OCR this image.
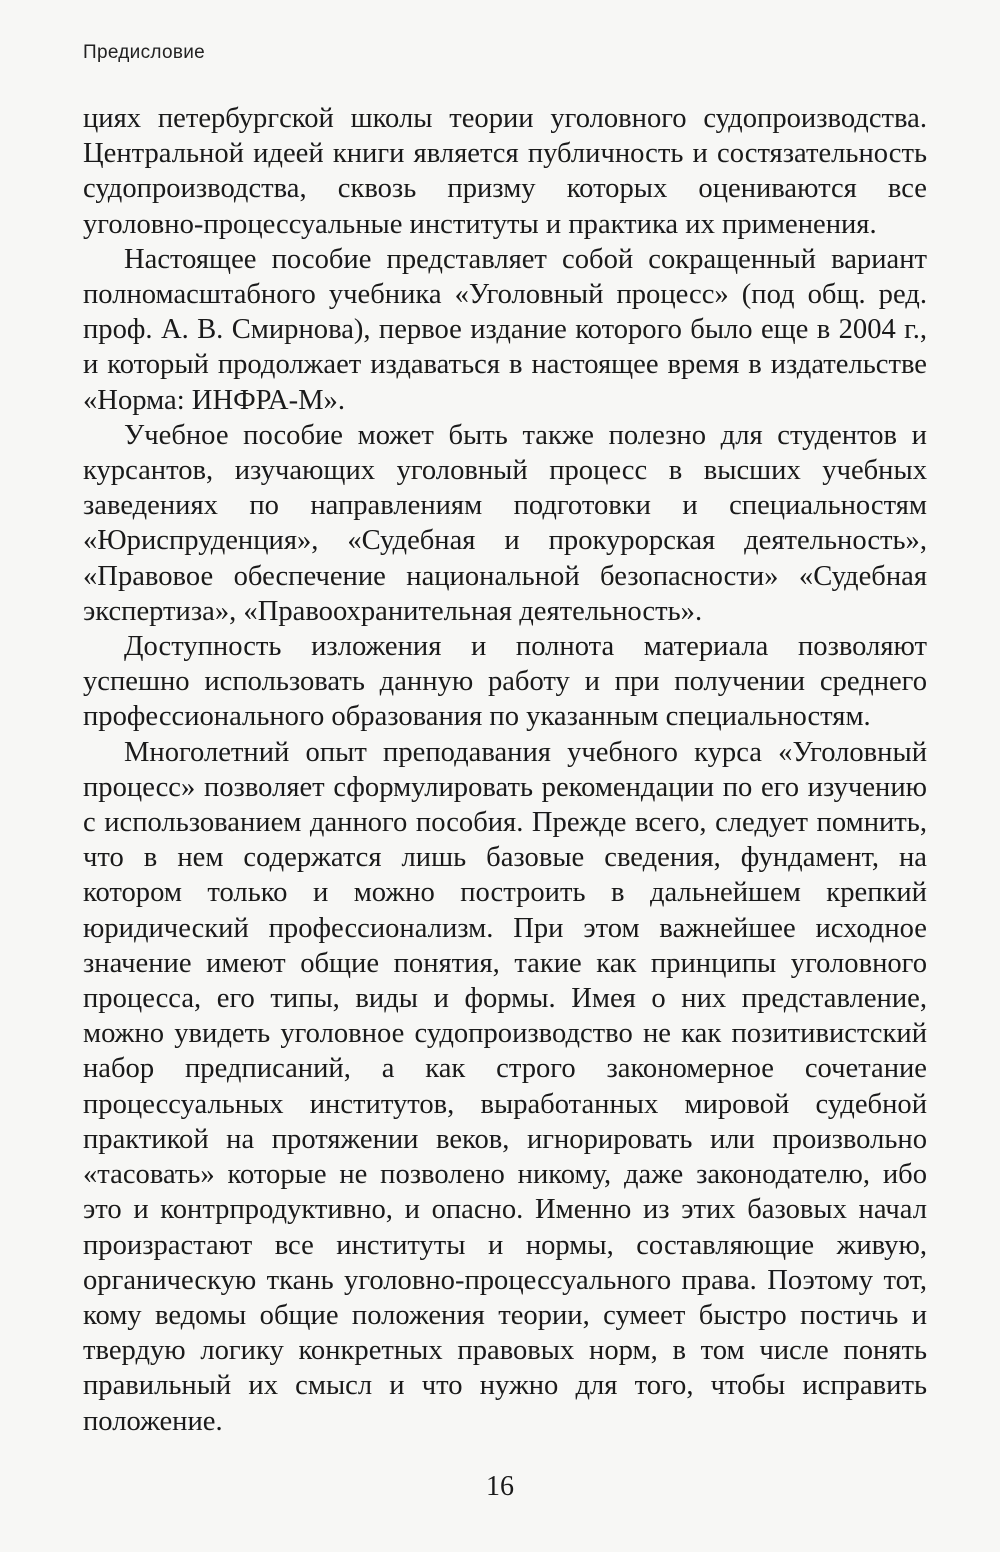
Предисловие

циях петербургской школы теории уголовного судопроизводства. Центральной идеей книги является публичность и состязательность судопроизводства, сквозь призму которых оцениваются все уголовно-процессуальные институты и практика их применения.

Настоящее пособие представляет собой сокращенный вариант полномасштабного учебника «Уголовный процесс» (под общ. ред. проф. А. В. Смирнова), первое издание которого было еще в 2004 г., и который продолжает издаваться в настоящее время в издательстве «Норма: ИНФРА-М».

Учебное пособие может быть также полезно для студентов и курсантов, изучающих уголовный процесс в высших учебных заведениях по направлениям подготовки и специальностям «Юриспруденция», «Судебная и прокурорская деятельность», «Правовое обеспечение национальной безопасности» «Судебная экспертиза», «Правоохранительная деятельность».

Доступность изложения и полнота материала позволяют успешно использовать данную работу и при получении среднего профессионального образования по указанным специальностям.

Многолетний опыт преподавания учебного курса «Уголовный процесс» позволяет сформулировать рекомендации по его изучению с использованием данного пособия. Прежде всего, следует помнить, что в нем содержатся лишь базовые сведения, фундамент, на котором только и можно построить в дальнейшем крепкий юридический профессионализм. При этом важнейшее исходное значение имеют общие понятия, такие как принципы уголовного процесса, его типы, виды и формы. Имея о них представление, можно увидеть уголовное судопроизводство не как позитивистский набор предписаний, а как строго закономерное сочетание процессуальных институтов, выработанных мировой судебной практикой на протяжении веков, игнорировать или произвольно «тасовать» которые не позволено никому, даже законодателю, ибо это и контрпродуктивно, и опасно. Именно из этих базовых начал произрастают все институты и нормы, составляющие живую, органическую ткань уголовно-процессуального права. Поэтому тот, кому ведомы общие положения теории, сумеет быстро постичь и твердую логику конкретных правовых норм, в том числе понять правильный их смысл и что нужно для того, чтобы исправить положение.

16
